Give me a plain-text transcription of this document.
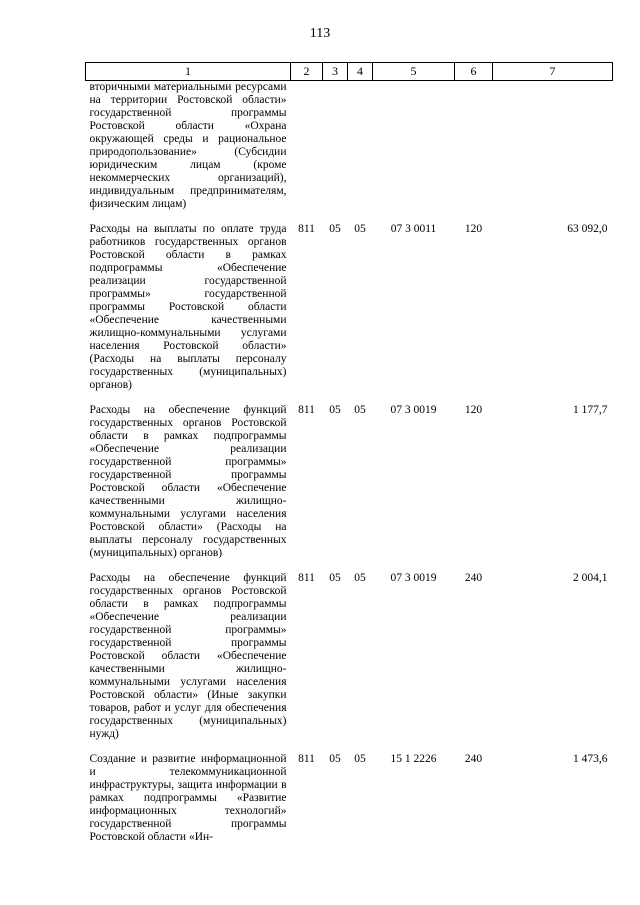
113
1	2	3	4	5	6	7
вторичными материальными ресурсами на территории Ростовской области» государственной программы Ростовской области «Охрана окружающей среды и рациональное природопользование» (Субсидии юридическим лицам (кроме некоммерческих организаций), индивидуальным предпринимателям, физическим лицам)						
Расходы на выплаты по оплате труда работников государственных органов Ростовской области в рамках подпрограммы «Обеспечение реализации государственной программы» государственной программы Ростовской области «Обеспечение качественными жилищно-коммунальными услугами населения Ростовской области» (Расходы на выплаты персоналу государственных (муниципальных) органов)	811	05	05	07 3 0011	120	63 092,0
Расходы на обеспечение функций государственных органов Ростовской области в рамках подпрограммы «Обеспечение реализации государственной программы» государственной программы Ростовской области «Обеспечение качественными жилищно-коммунальными услугами населения Ростовской области» (Расходы на выплаты персоналу государственных (муниципальных) органов)	811	05	05	07 3 0019	120	1 177,7
Расходы на обеспечение функций государственных органов Ростовской области в рамках подпрограммы «Обеспечение реализации государственной программы» государственной программы Ростовской области «Обеспечение качественными жилищно-коммунальными услугами населения Ростовской области» (Иные закупки товаров, работ и услуг для обеспечения государственных (муниципальных) нужд)	811	05	05	07 3 0019	240	2 004,1
Создание и развитие информационной и телекоммуникационной инфраструктуры, защита информации в рамках подпрограммы «Развитие информационных технологий» государственной программы Ростовской области «Ин-	811	05	05	15 1 2226	240	1 473,6
